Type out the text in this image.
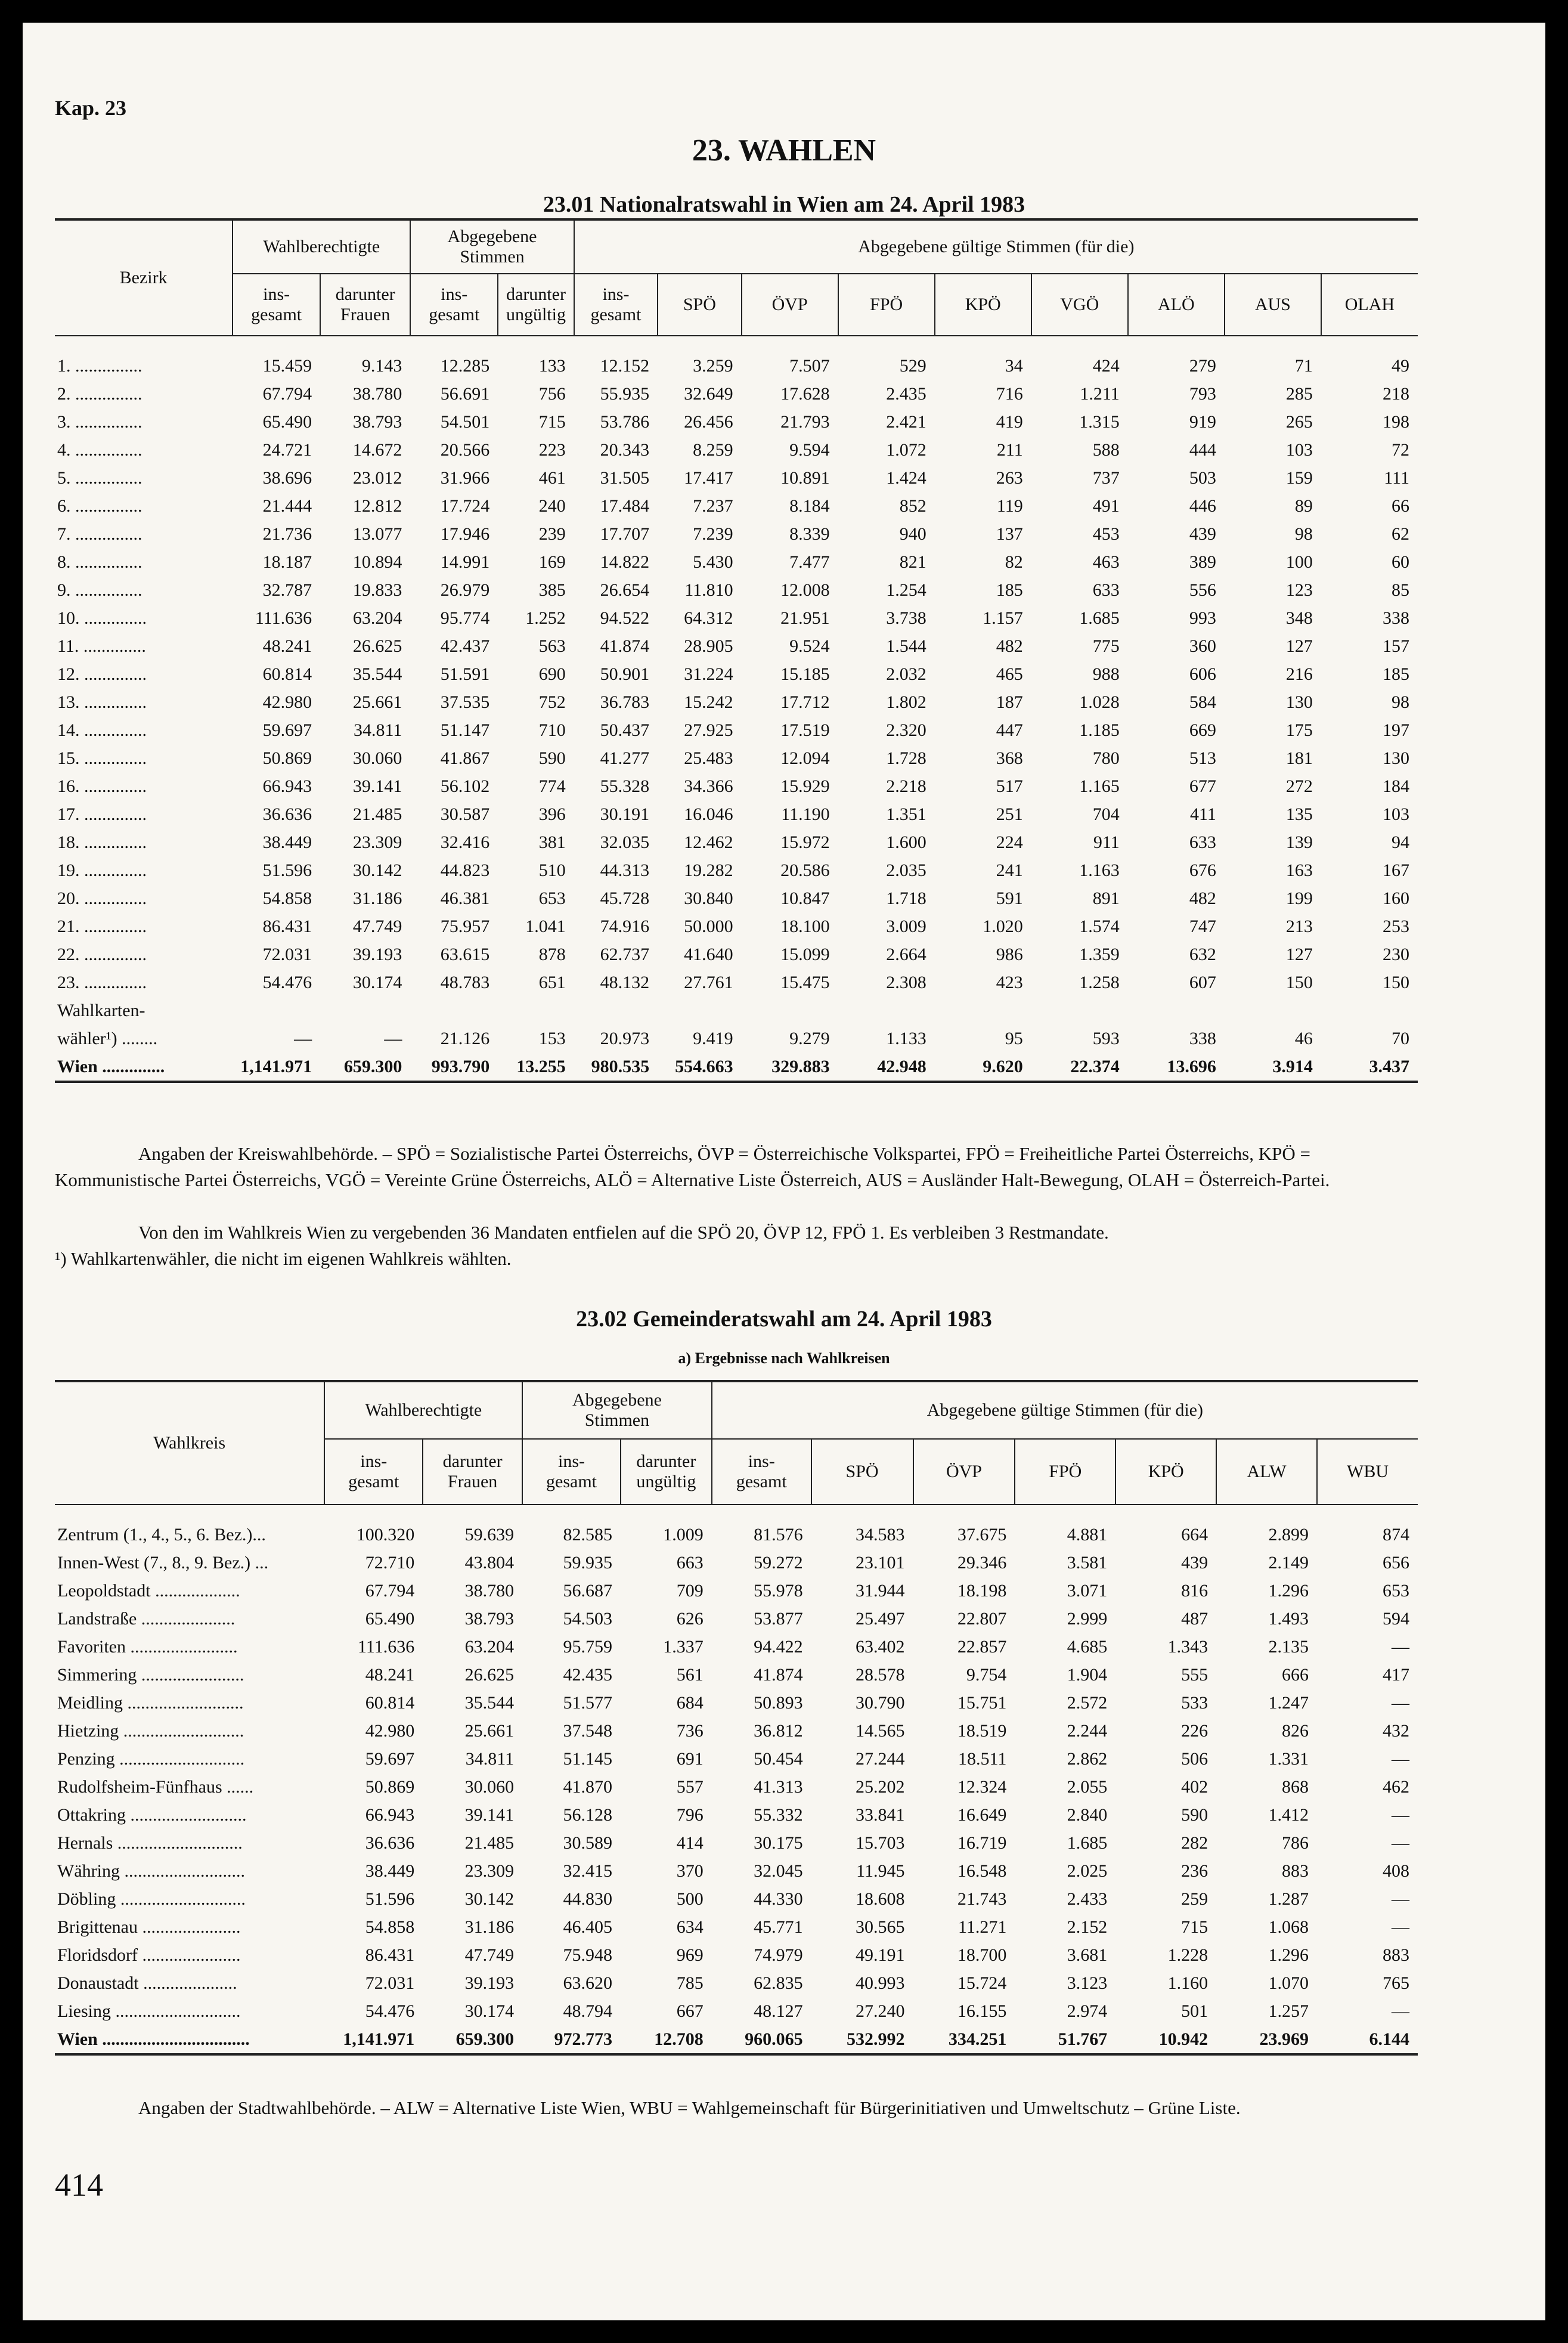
Kap. 23
23. WAHLEN
23.01 Nationalratswahl in Wien am 24. April 1983
Bezirk	Wahlberechtigte		Abgegebene
Stimmen		Abgegebene gültige Stimmen (für die)								
	ins-
gesamt	darunter
Frauen	ins-
gesamt	darunter
ungültig	ins-
gesamt	SPÖ	ÖVP	FPÖ	KPÖ	VGÖ	ALÖ	AUS	OLAH
1. ...............	15.459	9.143	12.285	133	12.152	3.259	7.507	529	34	424	279	71	49
2. ...............	67.794	38.780	56.691	756	55.935	32.649	17.628	2.435	716	1.211	793	285	218
3. ...............	65.490	38.793	54.501	715	53.786	26.456	21.793	2.421	419	1.315	919	265	198
4. ...............	24.721	14.672	20.566	223	20.343	8.259	9.594	1.072	211	588	444	103	72
5. ...............	38.696	23.012	31.966	461	31.505	17.417	10.891	1.424	263	737	503	159	111
6. ...............	21.444	12.812	17.724	240	17.484	7.237	8.184	852	119	491	446	89	66
7. ...............	21.736	13.077	17.946	239	17.707	7.239	8.339	940	137	453	439	98	62
8. ...............	18.187	10.894	14.991	169	14.822	5.430	7.477	821	82	463	389	100	60
9. ...............	32.787	19.833	26.979	385	26.654	11.810	12.008	1.254	185	633	556	123	85
10. ..............	111.636	63.204	95.774	1.252	94.522	64.312	21.951	3.738	1.157	1.685	993	348	338
11. ..............	48.241	26.625	42.437	563	41.874	28.905	9.524	1.544	482	775	360	127	157
12. ..............	60.814	35.544	51.591	690	50.901	31.224	15.185	2.032	465	988	606	216	185
13. ..............	42.980	25.661	37.535	752	36.783	15.242	17.712	1.802	187	1.028	584	130	98
14. ..............	59.697	34.811	51.147	710	50.437	27.925	17.519	2.320	447	1.185	669	175	197
15. ..............	50.869	30.060	41.867	590	41.277	25.483	12.094	1.728	368	780	513	181	130
16. ..............	66.943	39.141	56.102	774	55.328	34.366	15.929	2.218	517	1.165	677	272	184
17. ..............	36.636	21.485	30.587	396	30.191	16.046	11.190	1.351	251	704	411	135	103
18. ..............	38.449	23.309	32.416	381	32.035	12.462	15.972	1.600	224	911	633	139	94
19. ..............	51.596	30.142	44.823	510	44.313	19.282	20.586	2.035	241	1.163	676	163	167
20. ..............	54.858	31.186	46.381	653	45.728	30.840	10.847	1.718	591	891	482	199	160
21. ..............	86.431	47.749	75.957	1.041	74.916	50.000	18.100	3.009	1.020	1.574	747	213	253
22. ..............	72.031	39.193	63.615	878	62.737	41.640	15.099	2.664	986	1.359	632	127	230
23. ..............	54.476	30.174	48.783	651	48.132	27.761	15.475	2.308	423	1.258	607	150	150
Wahlkarten-													
wähler¹) ........	—	—	21.126	153	20.973	9.419	9.279	1.133	95	593	338	46	70
Wien ..............	1,141.971	659.300	993.790	13.255	980.535	554.663	329.883	42.948	9.620	22.374	13.696	3.914	3.437
Angaben der Kreiswahlbehörde. – SPÖ = Sozialistische Partei Österreichs, ÖVP = Österreichische Volkspartei, FPÖ = Freiheitliche Partei Österreichs, KPÖ = Kommunistische Partei Österreichs, VGÖ = Vereinte Grüne Österreichs, ALÖ = Alternative Liste Österreich, AUS = Ausländer Halt-Bewegung, OLAH = Österreich-Partei.
Von den im Wahlkreis Wien zu vergebenden 36 Mandaten entfielen auf die SPÖ 20, ÖVP 12, FPÖ 1. Es verbleiben 3 Restmandate.
¹) Wahlkartenwähler, die nicht im eigenen Wahlkreis wählten.
23.02 Gemeinderatswahl am 24. April 1983
a) Ergebnisse nach Wahlkreisen
Wahlkreis	Wahlberechtigte		Abgegebene
Stimmen		Abgegebene gültige Stimmen (für die)						
	ins-
gesamt	darunter
Frauen	ins-
gesamt	darunter
ungültig	ins-
gesamt	SPÖ	ÖVP	FPÖ	KPÖ	ALW	WBU
Zentrum (1., 4., 5., 6. Bez.)...	100.320	59.639	82.585	1.009	81.576	34.583	37.675	4.881	664	2.899	874
Innen-West (7., 8., 9. Bez.) ...	72.710	43.804	59.935	663	59.272	23.101	29.346	3.581	439	2.149	656
Leopoldstadt ...................	67.794	38.780	56.687	709	55.978	31.944	18.198	3.071	816	1.296	653
Landstraße .....................	65.490	38.793	54.503	626	53.877	25.497	22.807	2.999	487	1.493	594
Favoriten ........................	111.636	63.204	95.759	1.337	94.422	63.402	22.857	4.685	1.343	2.135	—
Simmering .......................	48.241	26.625	42.435	561	41.874	28.578	9.754	1.904	555	666	417
Meidling ..........................	60.814	35.544	51.577	684	50.893	30.790	15.751	2.572	533	1.247	—
Hietzing ...........................	42.980	25.661	37.548	736	36.812	14.565	18.519	2.244	226	826	432
Penzing ............................	59.697	34.811	51.145	691	50.454	27.244	18.511	2.862	506	1.331	—
Rudolfsheim-Fünfhaus ......	50.869	30.060	41.870	557	41.313	25.202	12.324	2.055	402	868	462
Ottakring ..........................	66.943	39.141	56.128	796	55.332	33.841	16.649	2.840	590	1.412	—
Hernals ............................	36.636	21.485	30.589	414	30.175	15.703	16.719	1.685	282	786	—
Währing ...........................	38.449	23.309	32.415	370	32.045	11.945	16.548	2.025	236	883	408
Döbling ............................	51.596	30.142	44.830	500	44.330	18.608	21.743	2.433	259	1.287	—
Brigittenau ......................	54.858	31.186	46.405	634	45.771	30.565	11.271	2.152	715	1.068	—
Floridsdorf ......................	86.431	47.749	75.948	969	74.979	49.191	18.700	3.681	1.228	1.296	883
Donaustadt .....................	72.031	39.193	63.620	785	62.835	40.993	15.724	3.123	1.160	1.070	765
Liesing ............................	54.476	30.174	48.794	667	48.127	27.240	16.155	2.974	501	1.257	—
Wien .................................	1,141.971	659.300	972.773	12.708	960.065	532.992	334.251	51.767	10.942	23.969	6.144
Angaben der Stadtwahlbehörde. – ALW = Alternative Liste Wien, WBU = Wahlgemeinschaft für Bürgerinitiativen und Umweltschutz – Grüne Liste.
414
